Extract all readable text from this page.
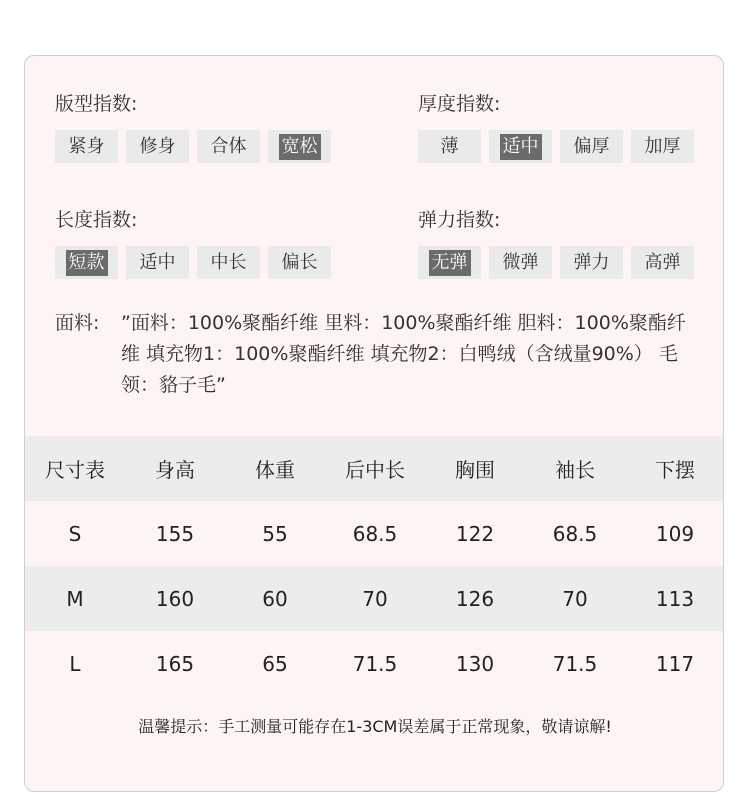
版型指数:
紧身 修身 合体 宽松
厚度指数:
薄 适中 偏厚 加厚
长度指数:
短款 适中 中长 偏长
弹力指数:
无弹 微弹 弹力 高弹
面料: ”面料：100%聚酯纤维 里料：100%聚酯纤维 胆料：100%聚酯纤维 填充物1：100%聚酯纤维 填充物2：白鸭绒（含绒量90%） 毛领：貉子毛”
尺寸表	身高	体重	后中长	胸围	袖长	下摆
S	155	55	68.5	122	68.5	109
M	160	60	70	126	70	113
L	165	65	71.5	130	71.5	117
温馨提示：手工测量可能存在1-3CM误差属于正常现象，敬请谅解!
